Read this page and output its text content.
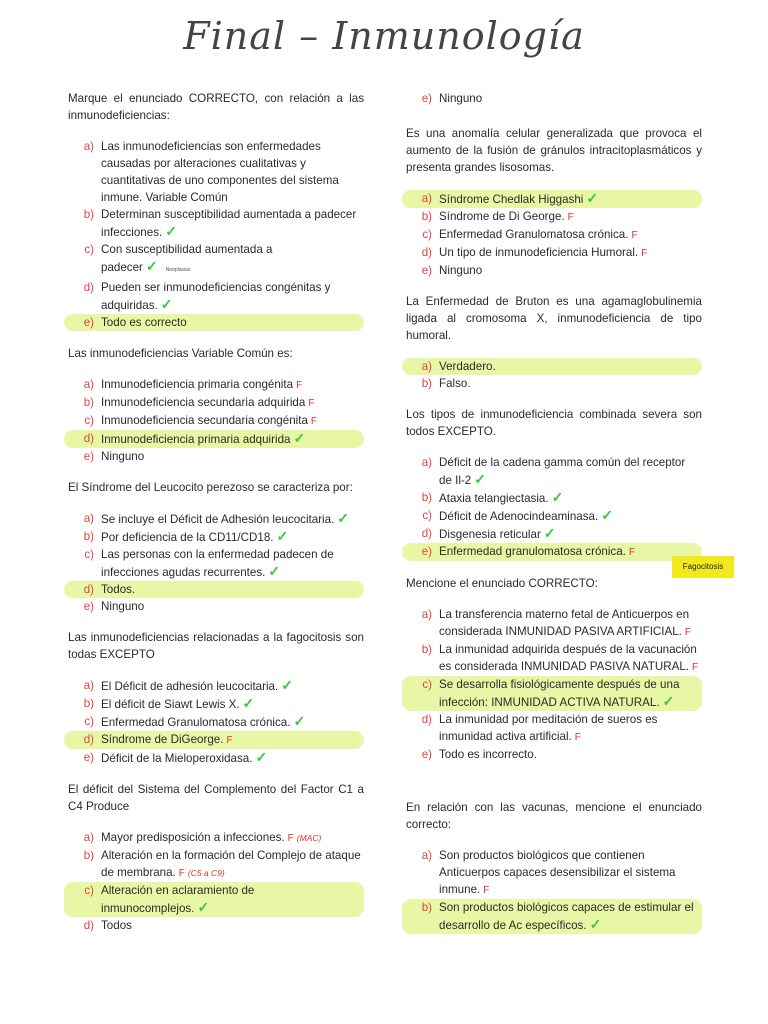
Final – Inmunología
Marque el enunciado CORRECTO, con relación a las inmunodeficiencias:
a) Las inmunodeficiencias son enfermedades causadas por alteraciones cualitativas y cuantitativas de uno componentes del sistema inmune. Variable Común
b) Determinan susceptibilidad aumentada a padecer infecciones. ✓
c) Con susceptibilidad aumentada a padecer ✓ Neoplasias
d) Pueden ser inmunodeficiencias congénitas y adquiridas. ✓
e) Todo es correcto
Las inmunodeficiencias Variable Común es:
a) Inmunodeficiencia primaria congénita F
b) Inmunodeficiencia secundaria adquirida F
c) Inmunodeficiencia secundaria congénita F
d) Inmunodeficiencia primaria adquirida ✓
e) Ninguno
El Síndrome del Leucocito perezoso se caracteriza por:
a) Se incluye el Déficit de Adhesión leucocitaria. ✓
b) Por deficiencia de la CD11/CD18. ✓
c) Las personas con la enfermedad padecen de infecciones agudas recurrentes. ✓
d) Todos.
e) Ninguno
Las inmunodeficiencias relacionadas a la fagocitosis son todas EXCEPTO
a) El Déficit de adhesión leucocitaria. ✓
b) El déficit de Siawt Lewis X. ✓
c) Enfermedad Granulomatosa crónica. ✓
d) Síndrome de DiGeorge. F
e) Déficit de la Mieloperoxidasa. ✓
El déficit del Sistema del Complemento del Factor C1 a C4 Produce
a) Mayor predisposición a infecciones. F (MAC)
b) Alteración en la formación del Complejo de ataque de membrana. F (C5 a C9)
c) Alteración en aclaramiento de inmunocomplejos. ✓
d) Todos
e) Ninguno
Es una anomalía celular generalizada que provoca el aumento de la fusión de gránulos intracitoplasmáticos y presenta grandes lisosomas.
a) Síndrome Chedlak Higgashi ✓
b) Síndrome de Di George. F
c) Enfermedad Granulomatosa crónica. F
d) Un tipo de inmunodeficiencia Humoral. F
e) Ninguno
La Enfermedad de Bruton es una agamaglobulinemia ligada al cromosoma X, inmunodeficiencia de tipo humoral.
a) Verdadero.
b) Falso.
Los tipos de inmunodeficiencia combinada severa son todos EXCEPTO.
a) Déficit de la cadena gamma común del receptor de Il-2 ✓
b) Ataxia telangiectasia. ✓
c) Déficit de Adenocindeaminasa. ✓
d) Disgenesia reticular ✓
e) Enfermedad granulomatosa crónica. F
Mencione el enunciado CORRECTO:
a) La transferencia materno fetal de Anticuerpos en considerada INMUNIDAD PASIVA ARTIFICIAL. F
b) La inmunidad adquirida después de la vacunación es considerada INMUNIDAD PASIVA NATURAL. F
c) Se desarrolla fisiológicamente después de una infección: INMUNIDAD ACTIVA NATURAL. ✓
d) La inmunidad por meditación de sueros es inmunidad activa artificial. F
e) Todo es incorrecto.
En relación con las vacunas, mencione el enunciado correcto:
a) Son productos biológicos que contienen Anticuerpos capaces desensibilizar el sistema inmune. F
b) Son productos biológicos capaces de estimular el desarrollo de Ac específicos. ✓
Fagocitosis
